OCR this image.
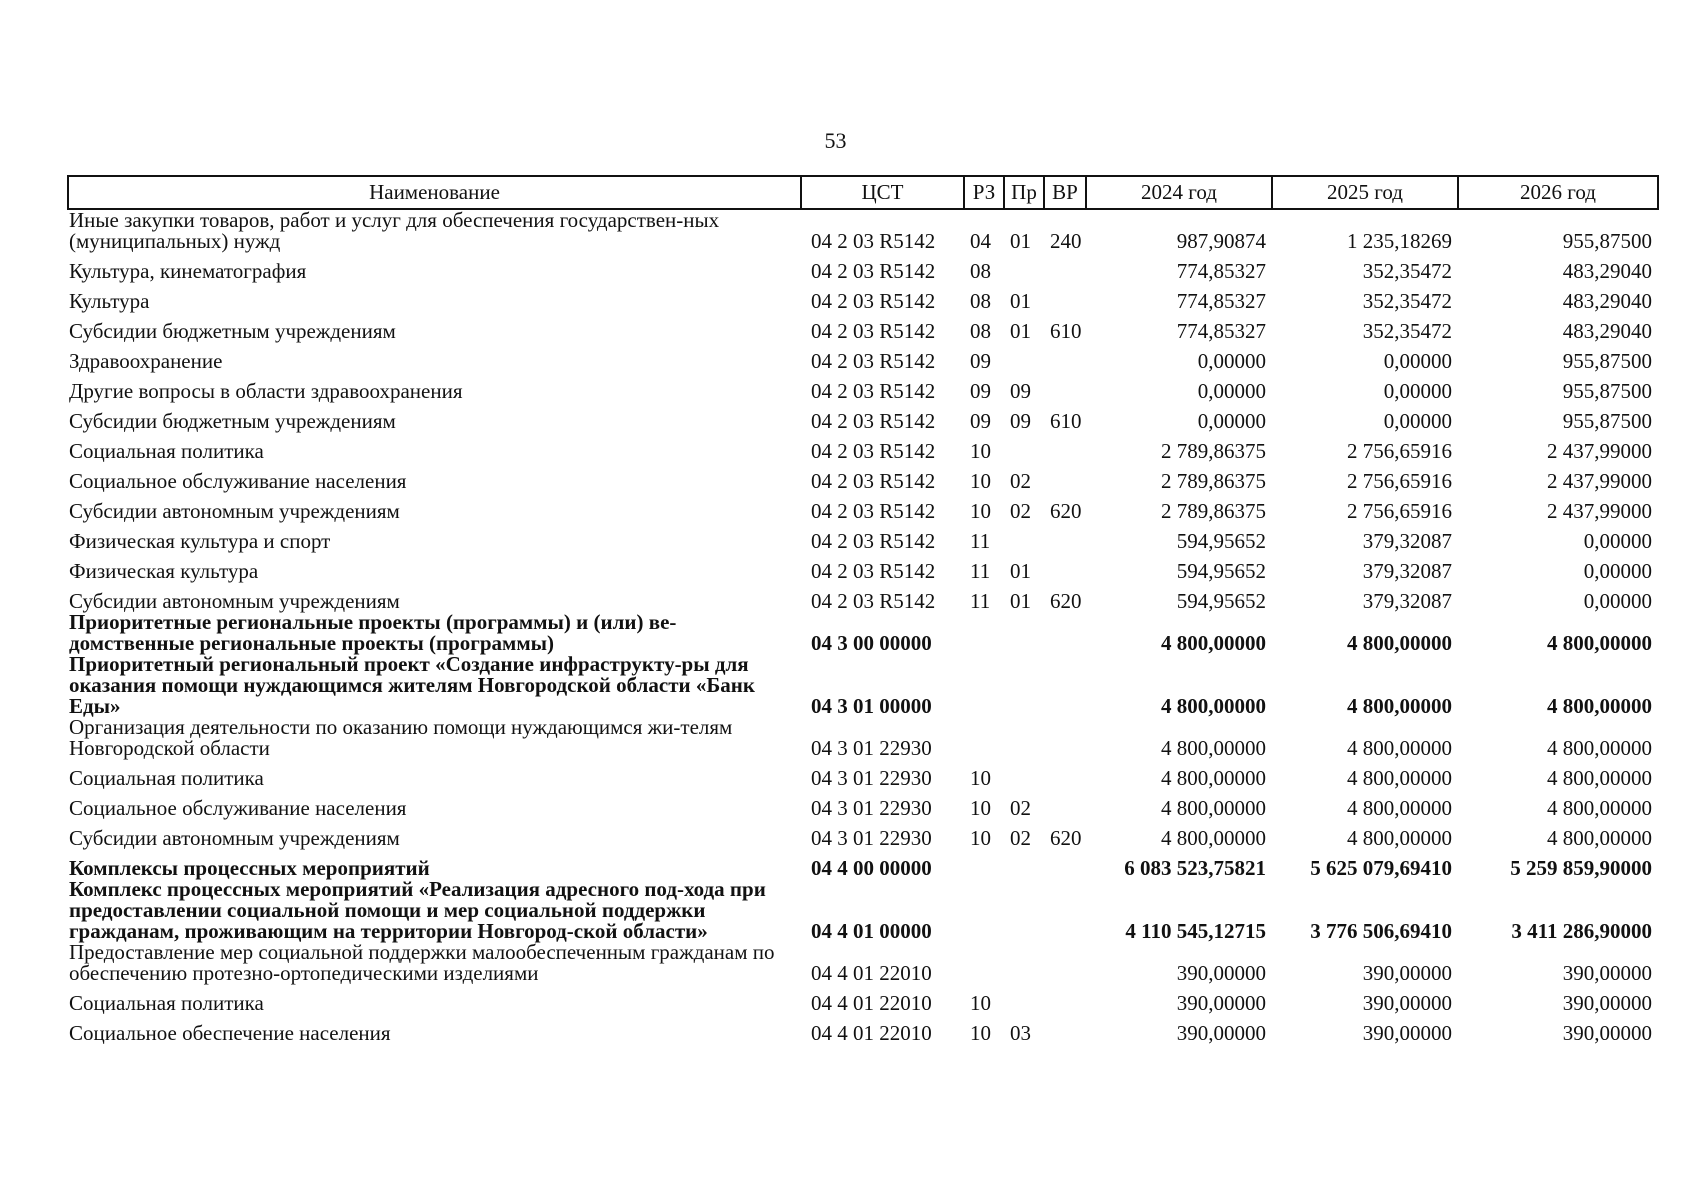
53
Наименование	ЦСТ	РЗ	Пр	ВР	2024 год	2025 год	2026 год
Иные закупки товаров, работ и услуг для обеспечения государствен-ных (муниципальных) нужд	04 2 03 R5142	04	01	240	987,90874	1 235,18269	955,87500
Культура, кинематография	04 2 03 R5142	08			774,85327	352,35472	483,29040
Культура	04 2 03 R5142	08	01		774,85327	352,35472	483,29040
Субсидии бюджетным учреждениям	04 2 03 R5142	08	01	610	774,85327	352,35472	483,29040
Здравоохранение	04 2 03 R5142	09			0,00000	0,00000	955,87500
Другие вопросы в области здравоохранения	04 2 03 R5142	09	09		0,00000	0,00000	955,87500
Субсидии бюджетным учреждениям	04 2 03 R5142	09	09	610	0,00000	0,00000	955,87500
Социальная политика	04 2 03 R5142	10			2 789,86375	2 756,65916	2 437,99000
Социальное обслуживание населения	04 2 03 R5142	10	02		2 789,86375	2 756,65916	2 437,99000
Субсидии автономным учреждениям	04 2 03 R5142	10	02	620	2 789,86375	2 756,65916	2 437,99000
Физическая культура и спорт	04 2 03 R5142	11			594,95652	379,32087	0,00000
Физическая культура	04 2 03 R5142	11	01		594,95652	379,32087	0,00000
Субсидии автономным учреждениям	04 2 03 R5142	11	01	620	594,95652	379,32087	0,00000
Приоритетные региональные проекты (программы) и (или) ве-домственные региональные проекты (программы)	04 3 00 00000				4 800,00000	4 800,00000	4 800,00000
Приоритетный региональный проект «Создание инфраструкту-ры для оказания помощи нуждающимся жителям Новгородской области «Банк Еды»	04 3 01 00000				4 800,00000	4 800,00000	4 800,00000
Организация деятельности по оказанию помощи нуждающимся жи-телям Новгородской области	04 3 01 22930				4 800,00000	4 800,00000	4 800,00000
Социальная политика	04 3 01 22930	10			4 800,00000	4 800,00000	4 800,00000
Социальное обслуживание населения	04 3 01 22930	10	02		4 800,00000	4 800,00000	4 800,00000
Субсидии автономным учреждениям	04 3 01 22930	10	02	620	4 800,00000	4 800,00000	4 800,00000
Комплексы процессных мероприятий	04 4 00 00000				6 083 523,75821	5 625 079,69410	5 259 859,90000
Комплекс процессных мероприятий «Реализация адресного под-хода при предоставлении социальной помощи и мер социальной поддержки гражданам, проживающим на территории Новгород-ской области»	04 4 01 00000				4 110 545,12715	3 776 506,69410	3 411 286,90000
Предоставление мер социальной поддержки малообеспеченным гражданам по обеспечению протезно-ортопедическими изделиями	04 4 01 22010				390,00000	390,00000	390,00000
Социальная политика	04 4 01 22010	10			390,00000	390,00000	390,00000
Социальное обеспечение населения	04 4 01 22010	10	03		390,00000	390,00000	390,00000
